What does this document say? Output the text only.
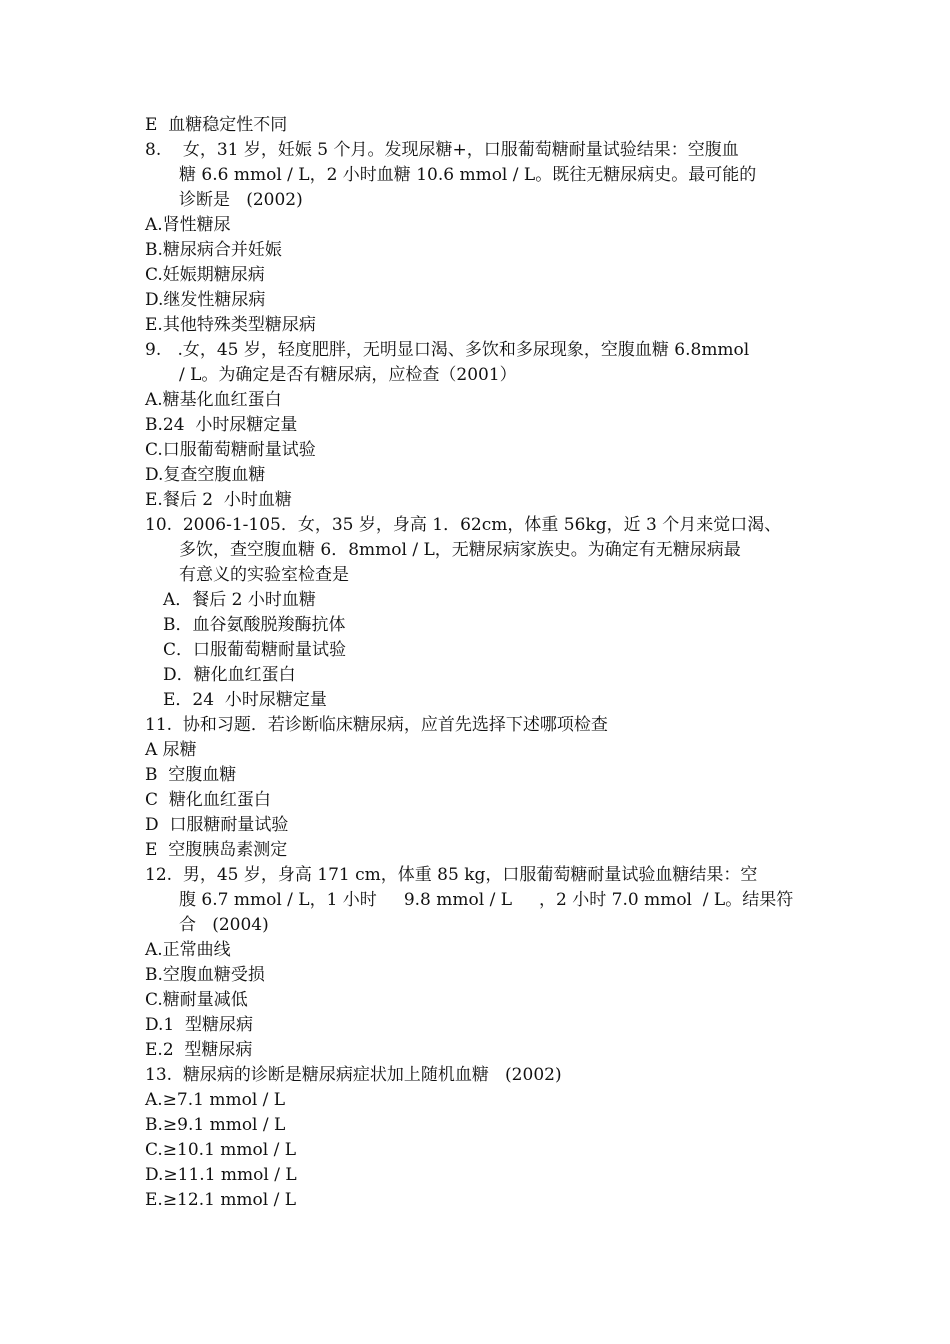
E  血糖稳定性不同
8. 女，31 岁，妊娠 5 个月。发现尿糖+，口服葡萄糖耐量试验结果：空腹血
糖 6.6 mmol / L，2 小时血糖 10.6 mmol / L。既往无糖尿病史。最可能的
诊断是   (2002)
A.肾性糖尿
B.糖尿病合并妊娠
C.妊娠期糖尿病
D.继发性糖尿病
E.其他特殊类型糖尿病
9. .女，45 岁，轻度肥胖，无明显口渴、多饮和多尿现象，空腹血糖 6.8mmol
/ L。为确定是否有糖尿病，应检查（2001）
A.糖基化血红蛋白
B.24  小时尿糖定量
C.口服葡萄糖耐量试验
D.复查空腹血糖
E.餐后 2  小时血糖
10. 2006-1-105．女，35 岁，身高 1．62cm，体重 56kg，近 3 个月来觉口渴、
多饮，查空腹血糖 6．8mmol / L，无糖尿病家族史。为确定有无糖尿病最
有意义的实验室检查是
A．餐后 2 小时血糖
B．血谷氨酸脱羧酶抗体
C．口服葡萄糖耐量试验
D．糖化血红蛋白
E．24  小时尿糖定量
11.  协和习题．若诊断临床糖尿病，应首先选择下述哪项检查
A 尿糖
B  空腹血糖
C  糖化血红蛋白
D  口服糖耐量试验
E  空腹胰岛素测定
12. 男，45 岁，身高 171 cm，体重 85 kg，口服葡萄糖耐量试验血糖结果：空
腹 6.7 mmol / L，1 小时     9.8 mmol / L     ，2 小时 7.0 mmol  / L。结果符
合   (2004)
A.正常曲线
B.空腹血糖受损
C.糖耐量减低
D.1  型糖尿病
E.2  型糖尿病
13.  糖尿病的诊断是糖尿病症状加上随机血糖   (2002)
A.≥7.1 mmol / L
B.≥9.1 mmol / L
C.≥10.1 mmol / L
D.≥11.1 mmol / L
E.≥12.1 mmol / L
